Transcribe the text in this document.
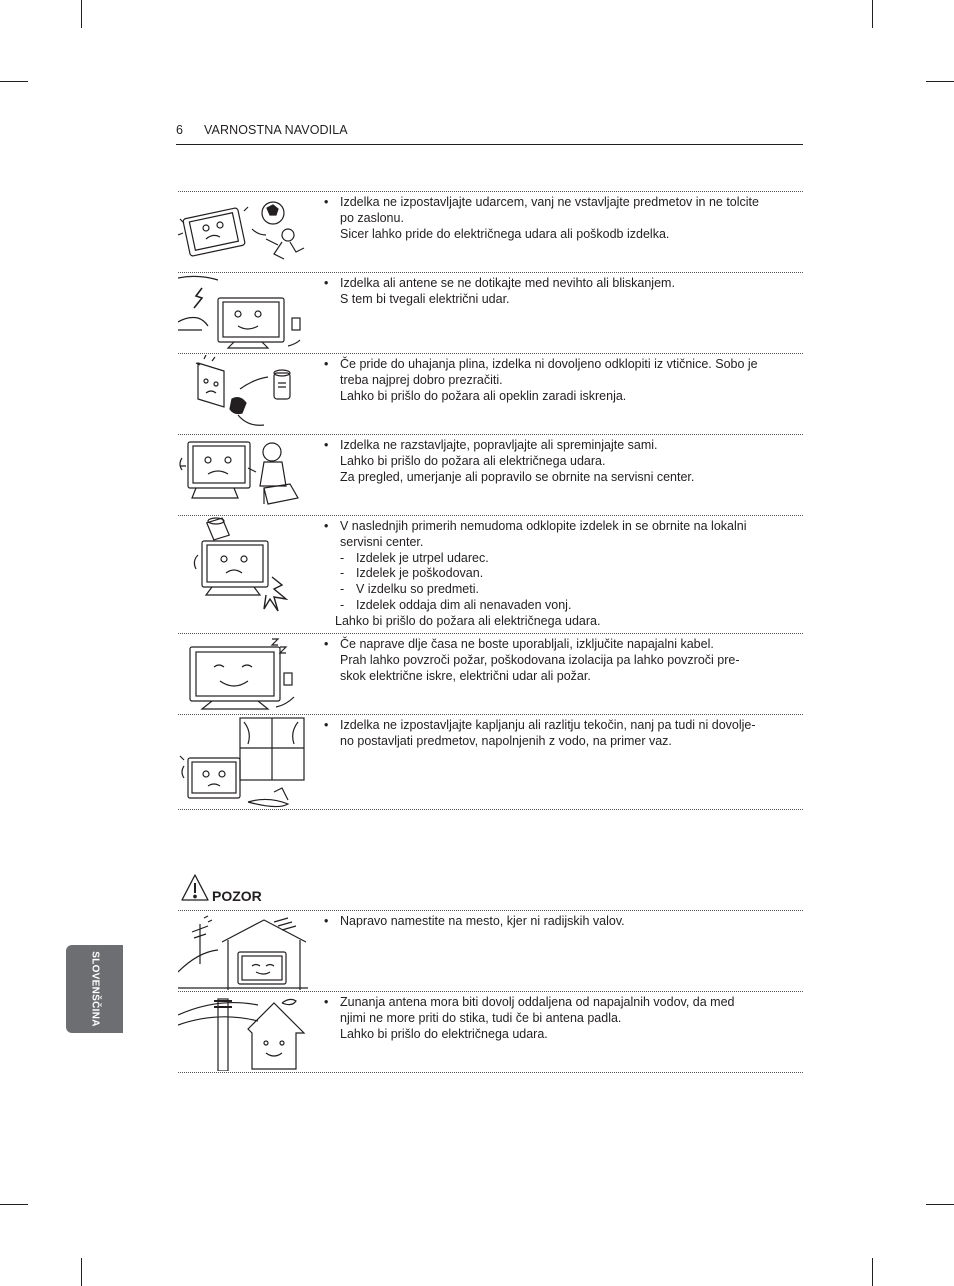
6 VARNOSTNA NAVODILA
• Izdelka ne izpostavljajte udarcem, vanj ne vstavljajte predmetov in ne tolcite
po zaslonu.
Sicer lahko pride do električnega udara ali poškodb izdelka.
• Izdelka ali antene se ne dotikajte med nevihto ali bliskanjem.
S tem bi tvegali električni udar.
• Če pride do uhajanja plina, izdelka ni dovoljeno odklopiti iz vtičnice. Sobo je
treba najprej dobro prezračiti.
Lahko bi prišlo do požara ali opeklin zaradi iskrenja.
• Izdelka ne razstavljajte, popravljajte ali spreminjajte sami.
Lahko bi prišlo do požara ali električnega udara.
Za pregled, umerjanje ali popravilo se obrnite na servisni center.
• V naslednjih primerih nemudoma odklopite izdelek in se obrnite na lokalni
servisni center.
- Izdelek je utrpel udarec.
- Izdelek je poškodovan.
- V izdelku so predmeti.
- Izdelek oddaja dim ali nenavaden vonj.
Lahko bi prišlo do požara ali električnega udara.
• Če naprave dlje časa ne boste uporabljali, izključite napajalni kabel.
Prah lahko povzroči požar, poškodovana izolacija pa lahko povzroči pre-
skok električne iskre, električni udar ali požar.
• Izdelka ne izpostavljajte kapljanju ali razlitju tekočin, nanj pa tudi ni dovolje-
no postavljati predmetov, napolnjenih z vodo, na primer vaz.
POZOR
• Napravo namestite na mesto, kjer ni radijskih valov.
• Zunanja antena mora biti dovolj oddaljena od napajalnih vodov, da med
njimi ne more priti do stika, tudi če bi antena padla.
Lahko bi prišlo do električnega udara.
SLOVENŠČINA
